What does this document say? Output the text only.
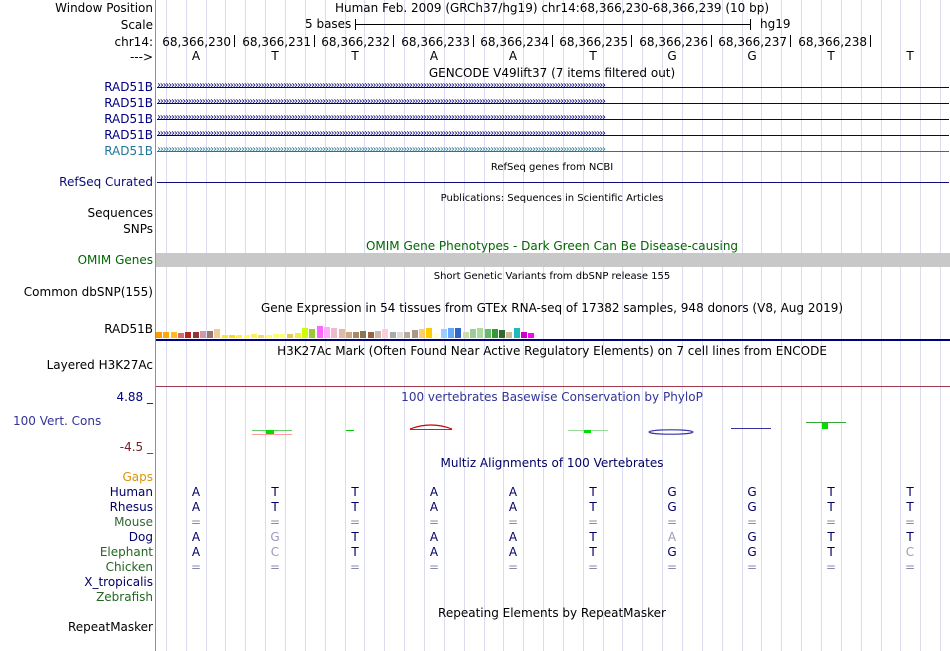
Window Position	Human Feb. 2009 (GRCh37/hg19) chr14:68,366,230-68,366,239 (10 bp)
Scale	5 bases	hg19
chr14: 68,366,230 68,366,231 68,366,232 68,366,233 68,366,234 68,366,235 68,366,236 68,366,237 68,366,238
--->	A	T	T	A	A	T	G	G	T	T
GENCODE V49lift37 (7 items filtered out)
RAD51B ››››››››››››››››››››››››››››››››››››››››››››››››››››››››››››››››››››››››››››››››››››››››››››››››››››››››››››››››››››››››››››››››››››››››››››››››››››››››››››››››
RAD51B ››››››››››››››››››››››››››››››››››››››››››››››››››››››››››››››››››››››››››››››››››››››››››››››››››››››››››››››››››››››››››››››››››››››››››››››››››››››››››››››››
RAD51B ››››››››››››››››››››››››››››››››››››››››››››››››››››››››››››››››››››››››››››››››››››››››››››››››››››››››››››››››››››››››››››››››››››››››››››››››››››››››››››››››
RAD51B ››››››››››››››››››››››››››››››››››››››››››››››››››››››››››››››››››››››››››››››››››››››››››››››››››››››››››››››››››››››››››››››››››››››››››››››››››››››››››››››››
RAD51B ››››››››››››››››››››››››››››››››››››››››››››››››››››››››››››››››››››››››››››››››››››››››››››››››››››››››››››››››››››››››››››››››››››››››››››››››››››››››››››››››
RefSeq genes from NCBI
RefSeq Curated
Publications: Sequences in Scientific Articles
Sequences
SNPs
OMIM Gene Phenotypes - Dark Green Can Be Disease-causing
OMIM Genes
Short Genetic Variants from dbSNP release 155
Common dbSNP(155)
Gene Expression in 54 tissues from GTEx RNA-seq of 17382 samples, 948 donors (V8, Aug 2019)
RAD51B
H3K27Ac Mark (Often Found Near Active Regulatory Elements) on 7 cell lines from ENCODE
Layered H3K27Ac
100 vertebrates Basewise Conservation by PhyloP
4.88 _
100 Vert. Cons
-4.5 _
Multiz Alignments of 100 Vertebrates
Gaps
Human	A	T	T	A	A	T	G	G	T	T
Rhesus	A	T	T	A	A	T	G	G	T	T
Mouse	=	=	=	=	=	=	=	=	=	=
Dog	A	G	T	A	A	T	A	G	T	T
Elephant	A	C	T	A	A	T	G	G	T	C
Chicken	=	=	=	=	=	=	=	=	=	=
X_tropicalis
Zebrafish
Repeating Elements by RepeatMasker
RepeatMasker
